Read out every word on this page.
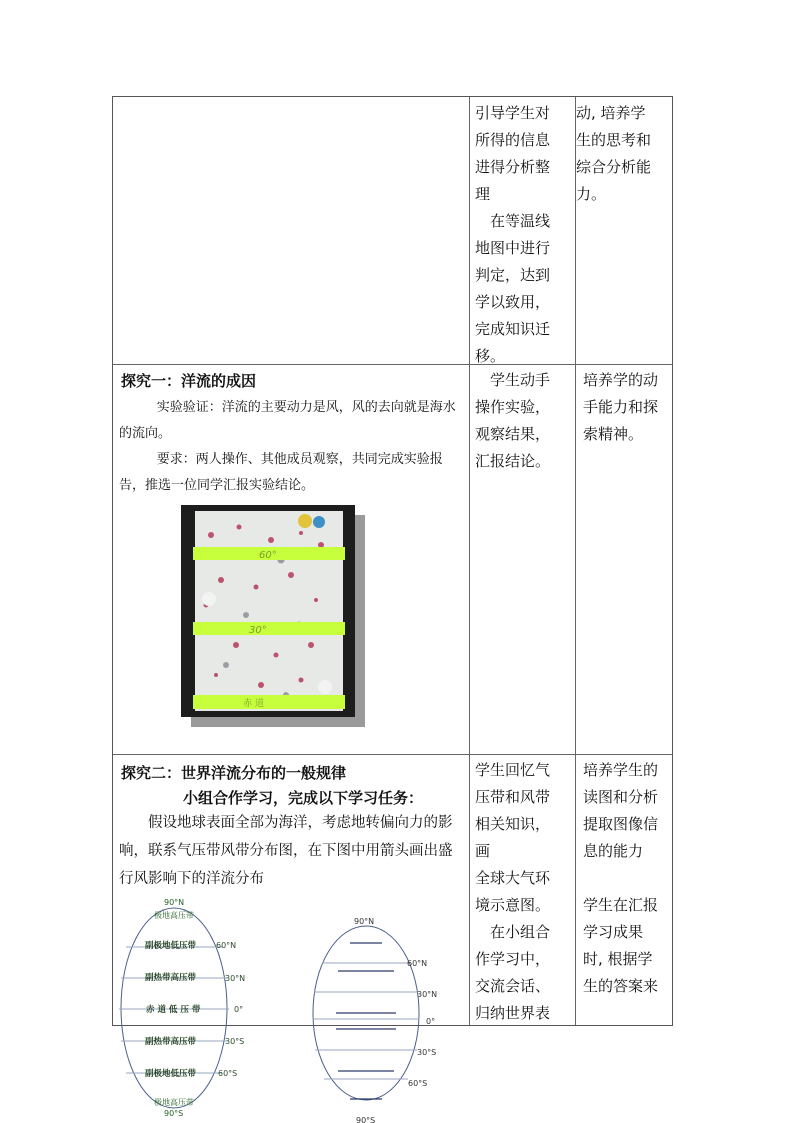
引导学生对

所得的信息

进得分析整

理

　在等温线

地图中进行

判定，达到

学以致用，

完成知识迁

移。

动, 培养学

生的思考和

综合分析能

力。

探究一：洋流的成因

实验验证：洋流的主要动力是风，风的去向就是海水的流向。

要求：两人操作、其他成员观察，共同完成实验报告，推选一位同学汇报实验结论。

60°
30°
赤 道

　学生动手

操作实验，

观察结果，

汇报结论。

培养学的动

手能力和探

索精神。

探究二：世界洋流分布的一般规律
小组合作学习，完成以下学习任务：

假设地球表面全部为海洋，考虑地转偏向力的影响，联系气压带风带分布图，在下图中用箭头画出盛行风影响下的洋流分布

学生回忆气

压带和风带

相关知识，

画

全球大气环

境示意图。

　在小组合

作学习中，

交流会话、

归纳世界表

培养学生的

读图和分析

提取图像信

息的能力

学生在汇报

学习成果

时, 根据学

生的答案来

90°N
极地高压带
副极地低压带
副热带高压带
赤 道 低 压 带
副热带高压带
副极地低压带
极地高压带
90°S
60°N
30°N
0°
30°S
60°S
90°N
90°S
60°N
30°N
0°
30°S
60°S
